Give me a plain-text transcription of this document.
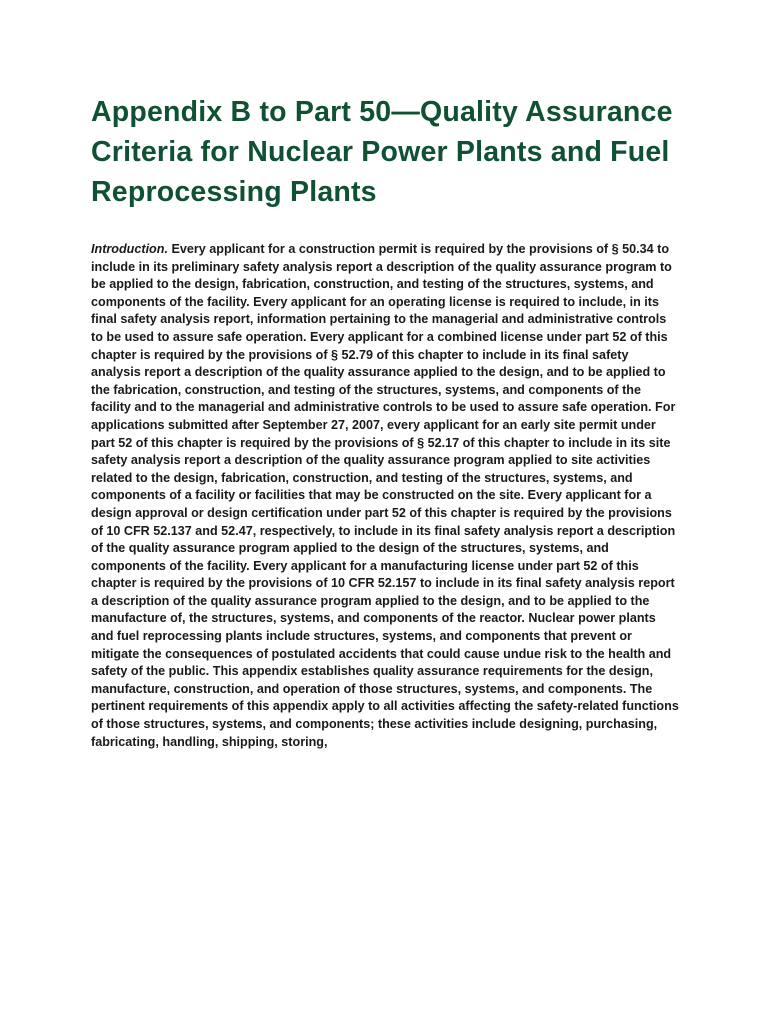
Appendix B to Part 50—Quality Assurance Criteria for Nuclear Power Plants and Fuel Reprocessing Plants

Introduction. Every applicant for a construction permit is required by the provisions of § 50.34 to include in its preliminary safety analysis report a description of the quality assurance program to be applied to the design, fabrication, construction, and testing of the structures, systems, and components of the facility. Every applicant for an operating license is required to include, in its final safety analysis report, information pertaining to the managerial and administrative controls to be used to assure safe operation. Every applicant for a combined license under part 52 of this chapter is required by the provisions of § 52.79 of this chapter to include in its final safety analysis report a description of the quality assurance applied to the design, and to be applied to the fabrication, construction, and testing of the structures, systems, and components of the facility and to the managerial and administrative controls to be used to assure safe operation. For applications submitted after September 27, 2007, every applicant for an early site permit under part 52 of this chapter is required by the provisions of § 52.17 of this chapter to include in its site safety analysis report a description of the quality assurance program applied to site activities related to the design, fabrication, construction, and testing of the structures, systems, and components of a facility or facilities that may be constructed on the site. Every applicant for a design approval or design certification under part 52 of this chapter is required by the provisions of 10 CFR 52.137 and 52.47, respectively, to include in its final safety analysis report a description of the quality assurance program applied to the design of the structures, systems, and components of the facility. Every applicant for a manufacturing license under part 52 of this chapter is required by the provisions of 10 CFR 52.157 to include in its final safety analysis report a description of the quality assurance program applied to the design, and to be applied to the manufacture of, the structures, systems, and components of the reactor. Nuclear power plants and fuel reprocessing plants include structures, systems, and components that prevent or mitigate the consequences of postulated accidents that could cause undue risk to the health and safety of the public. This appendix establishes quality assurance requirements for the design, manufacture, construction, and operation of those structures, systems, and components. The pertinent requirements of this appendix apply to all activities affecting the safety-related functions of those structures, systems, and components; these activities include designing, purchasing, fabricating, handling, shipping, storing,
